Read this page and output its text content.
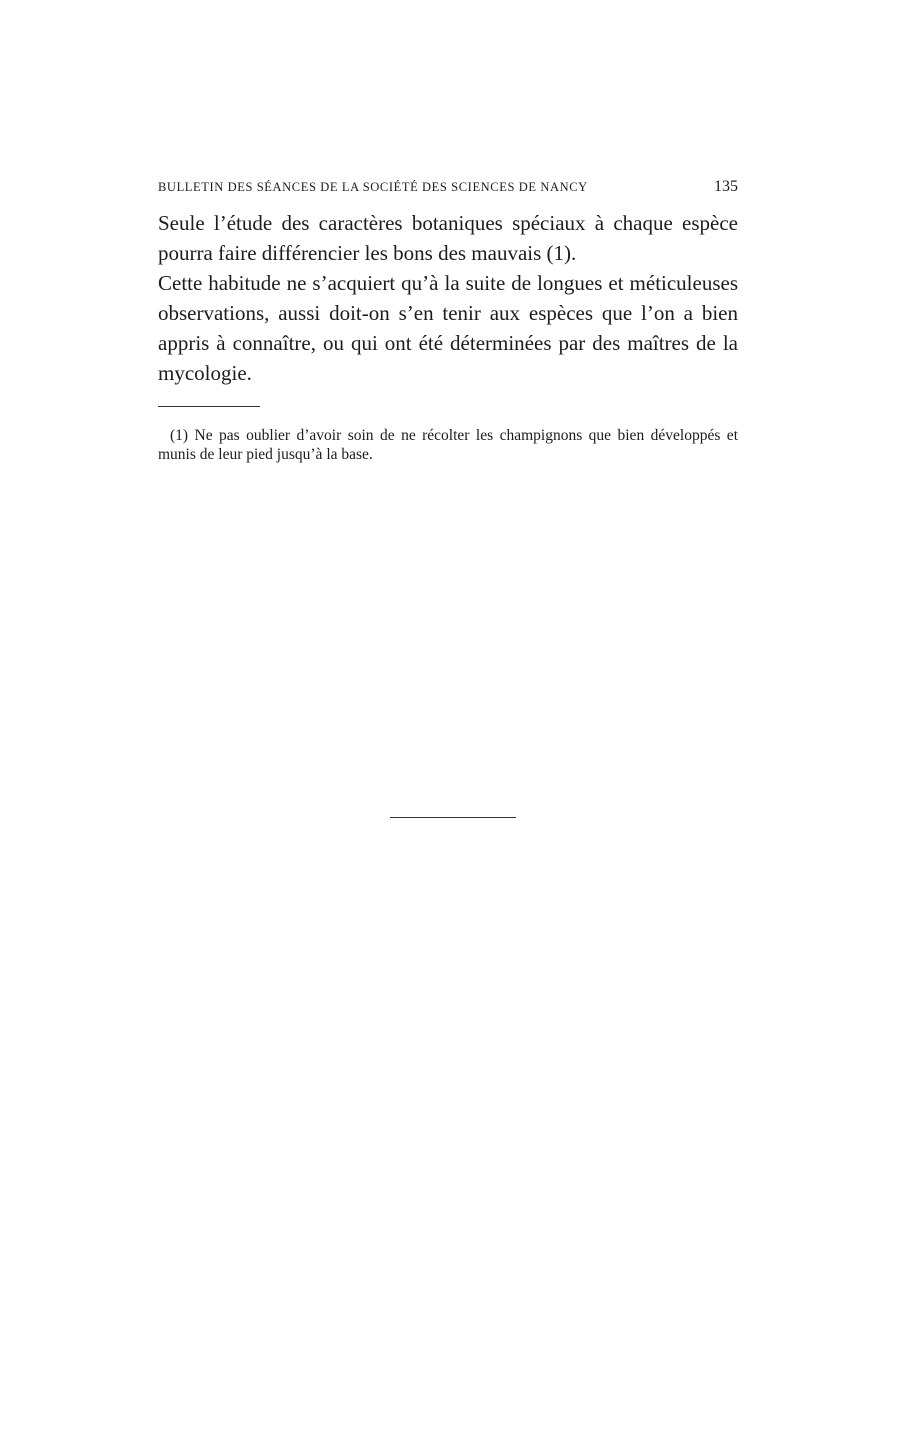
BULLETIN DES SÉANCES DE LA SOCIÉTÉ DES SCIENCES DE NANCY	135

Seule l’étude des caractères botaniques spéciaux à chaque espèce pourra faire différencier les bons des mauvais (1).

Cette habitude ne s’acquiert qu’à la suite de longues et méticuleuses observations, aussi doit-on s’en tenir aux espèces que l’on a bien appris à connaître, ou qui ont été déterminées par des maîtres de la mycologie.

(1) Ne pas oublier d’avoir soin de ne récolter les champignons que bien développés et munis de leur pied jusqu’à la base.
